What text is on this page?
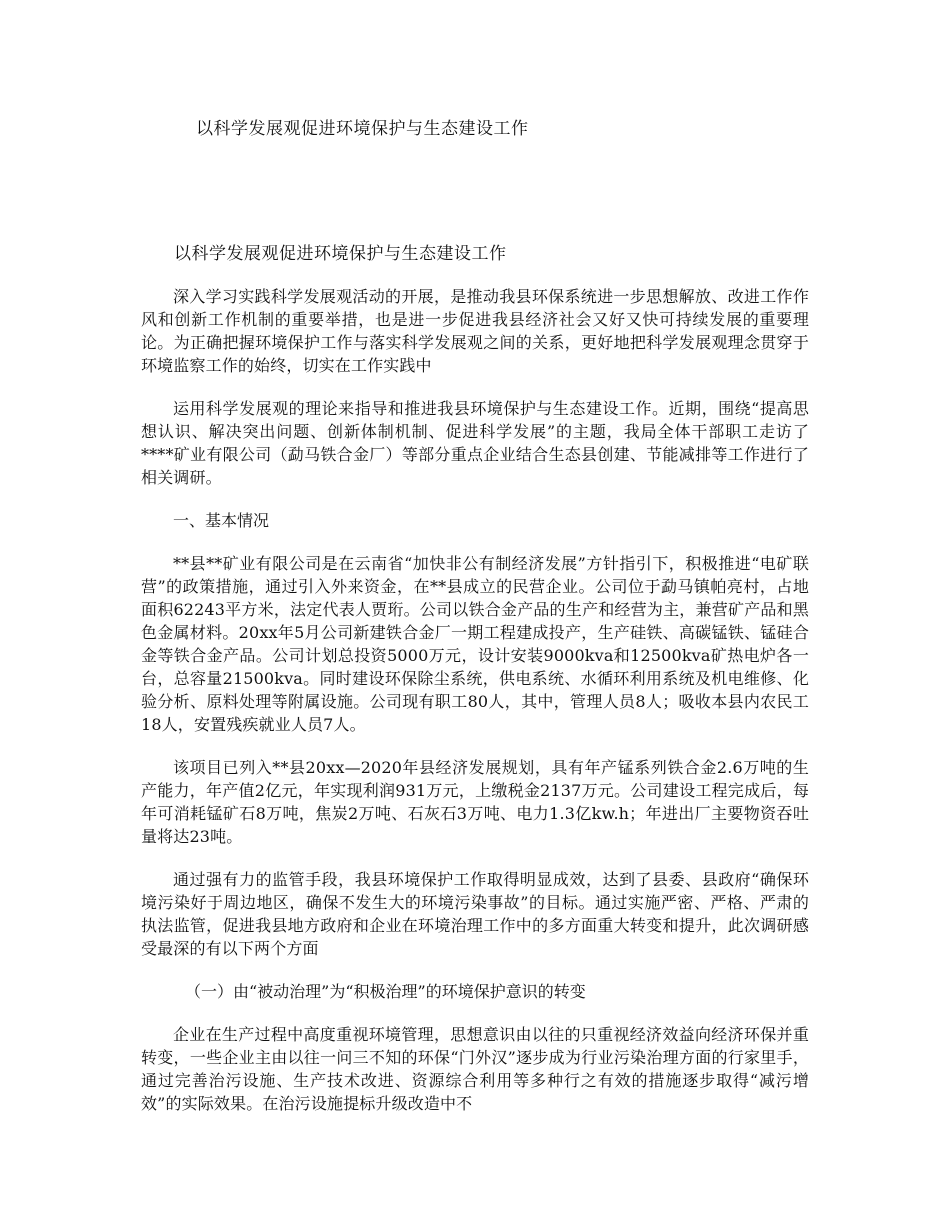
以科学发展观促进环境保护与生态建设工作
以科学发展观促进环境保护与生态建设工作

深入学习实践科学发展观活动的开展，是推动我县环保系统进一步思想解放、改进工作作风和创新工作机制的重要举措，也是进一步促进我县经济社会又好又快可持续发展的重要理论。为正确把握环境保护工作与落实科学发展观之间的关系，更好地把科学发展观理念贯穿于环境监察工作的始终，切实在工作实践中

运用科学发展观的理论来指导和推进我县环境保护与生态建设工作。近期，围绕“提高思想认识、解决突出问题、创新体制机制、促进科学发展”的主题，我局全体干部职工走访了****矿业有限公司（勐马铁合金厂）等部分重点企业结合生态县创建、节能减排等工作进行了相关调研。

一、基本情况

**县**矿业有限公司是在云南省“加快非公有制经济发展”方针指引下，积极推进“电矿联营”的政策措施，通过引入外来资金，在**县成立的民营企业。公司位于勐马镇帕亮村，占地面积62243平方米，法定代表人贾珩。公司以铁合金产品的生产和经营为主，兼营矿产品和黑色金属材料。20xx年5月公司新建铁合金厂一期工程建成投产，生产硅铁、高碳锰铁、锰硅合金等铁合金产品。公司计划总投资5000万元，设计安装9000kva和12500kva矿热电炉各一台，总容量21500kva。同时建设环保除尘系统，供电系统、水循环利用系统及机电维修、化验分析、原料处理等附属设施。公司现有职工80人，其中，管理人员8人；吸收本县内农民工18人，安置残疾就业人员7人。

该项目已列入**县20xx—2020年县经济发展规划，具有年产锰系列铁合金2.6万吨的生产能力，年产值2亿元，年实现利润931万元，上缴税金2137万元。公司建设工程完成后，每年可消耗锰矿石8万吨，焦炭2万吨、石灰石3万吨、电力1.3亿kw.h；年进出厂主要物资吞吐量将达23吨。

通过强有力的监管手段，我县环境保护工作取得明显成效，达到了县委、县政府“确保环境污染好于周边地区，确保不发生大的环境污染事故”的目标。通过实施严密、严格、严肃的执法监管，促进我县地方政府和企业在环境治理工作中的多方面重大转变和提升，此次调研感受最深的有以下两个方面

（一）由“被动治理”为“积极治理”的环境保护意识的转变

企业在生产过程中高度重视环境管理，思想意识由以往的只重视经济效益向经济环保并重转变，一些企业主由以往一问三不知的环保“门外汉”逐步成为行业污染治理方面的行家里手，通过完善治污设施、生产技术改进、资源综合利用等多种行之有效的措施逐步取得“减污增效”的实际效果。在治污设施提标升级改造中不
